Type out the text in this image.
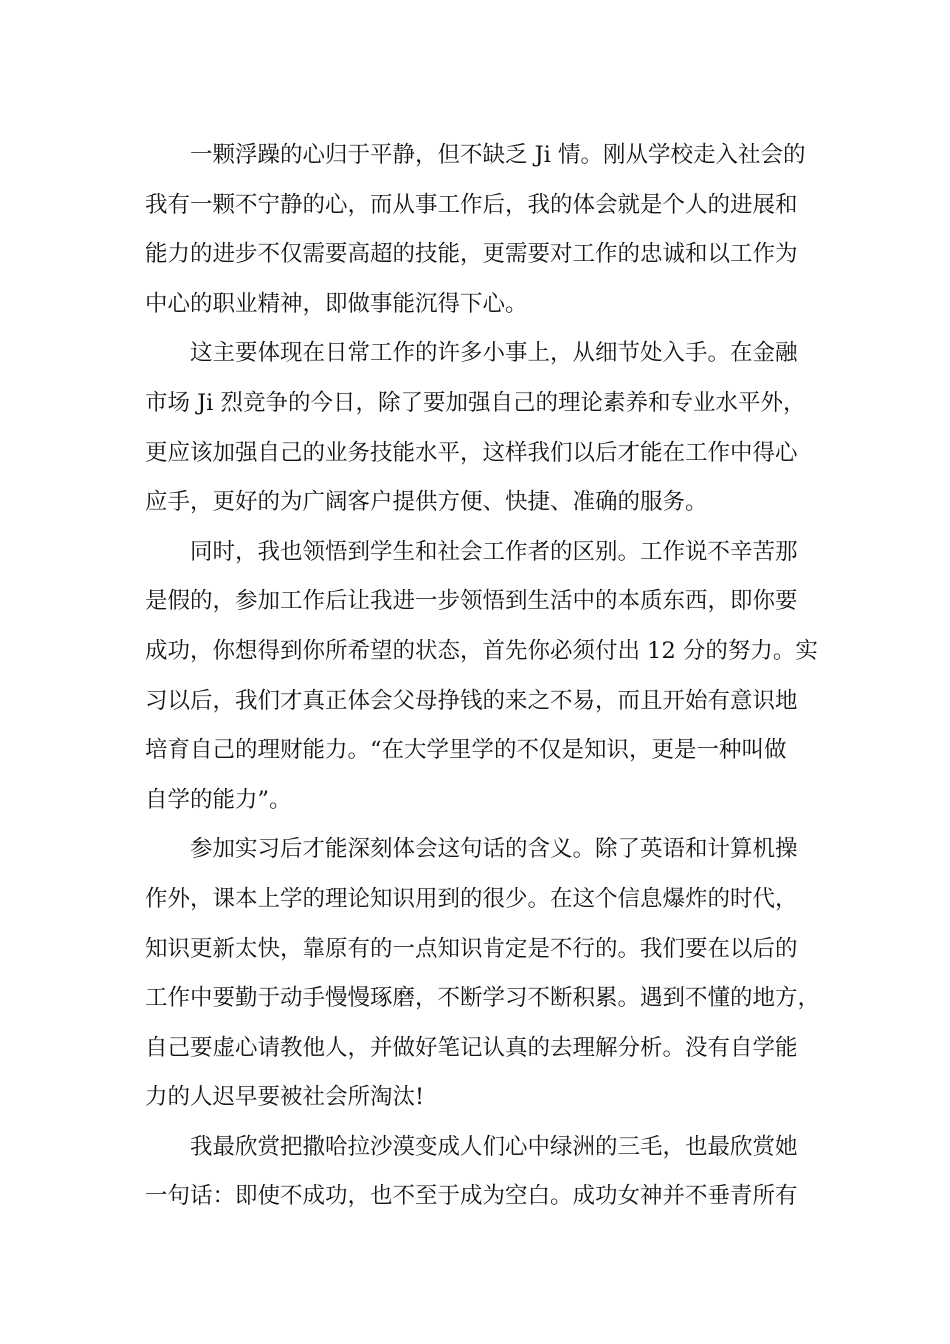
一颗浮躁的心归于平静，但不缺乏 Ji 情。刚从学校走入社会的
我有一颗不宁静的心，而从事工作后，我的体会就是个人的进展和
能力的进步不仅需要高超的技能，更需要对工作的忠诚和以工作为
中心的职业精神，即做事能沉得下心。
这主要体现在日常工作的许多小事上，从细节处入手。在金融
市场 Ji 烈竞争的今日，除了要加强自己的理论素养和专业水平外，
更应该加强自己的业务技能水平，这样我们以后才能在工作中得心
应手，更好的为广阔客户提供方便、快捷、准确的服务。
同时，我也领悟到学生和社会工作者的区别。工作说不辛苦那
是假的，参加工作后让我进一步领悟到生活中的本质东西，即你要
成功，你想得到你所希望的状态，首先你必须付出 12 分的努力。实
习以后，我们才真正体会父母挣钱的来之不易，而且开始有意识地
培育自己的理财能力。“在大学里学的不仅是知识，更是一种叫做
自学的能力”。
参加实习后才能深刻体会这句话的含义。除了英语和计算机操
作外，课本上学的理论知识用到的很少。在这个信息爆炸的时代，
知识更新太快，靠原有的一点知识肯定是不行的。我们要在以后的
工作中要勤于动手慢慢琢磨，不断学习不断积累。遇到不懂的地方，
自己要虚心请教他人，并做好笔记认真的去理解分析。没有自学能
力的人迟早要被社会所淘汰!
我最欣赏把撒哈拉沙漠变成人们心中绿洲的三毛，也最欣赏她
一句话：即使不成功，也不至于成为空白。成功女神并不垂青所有
